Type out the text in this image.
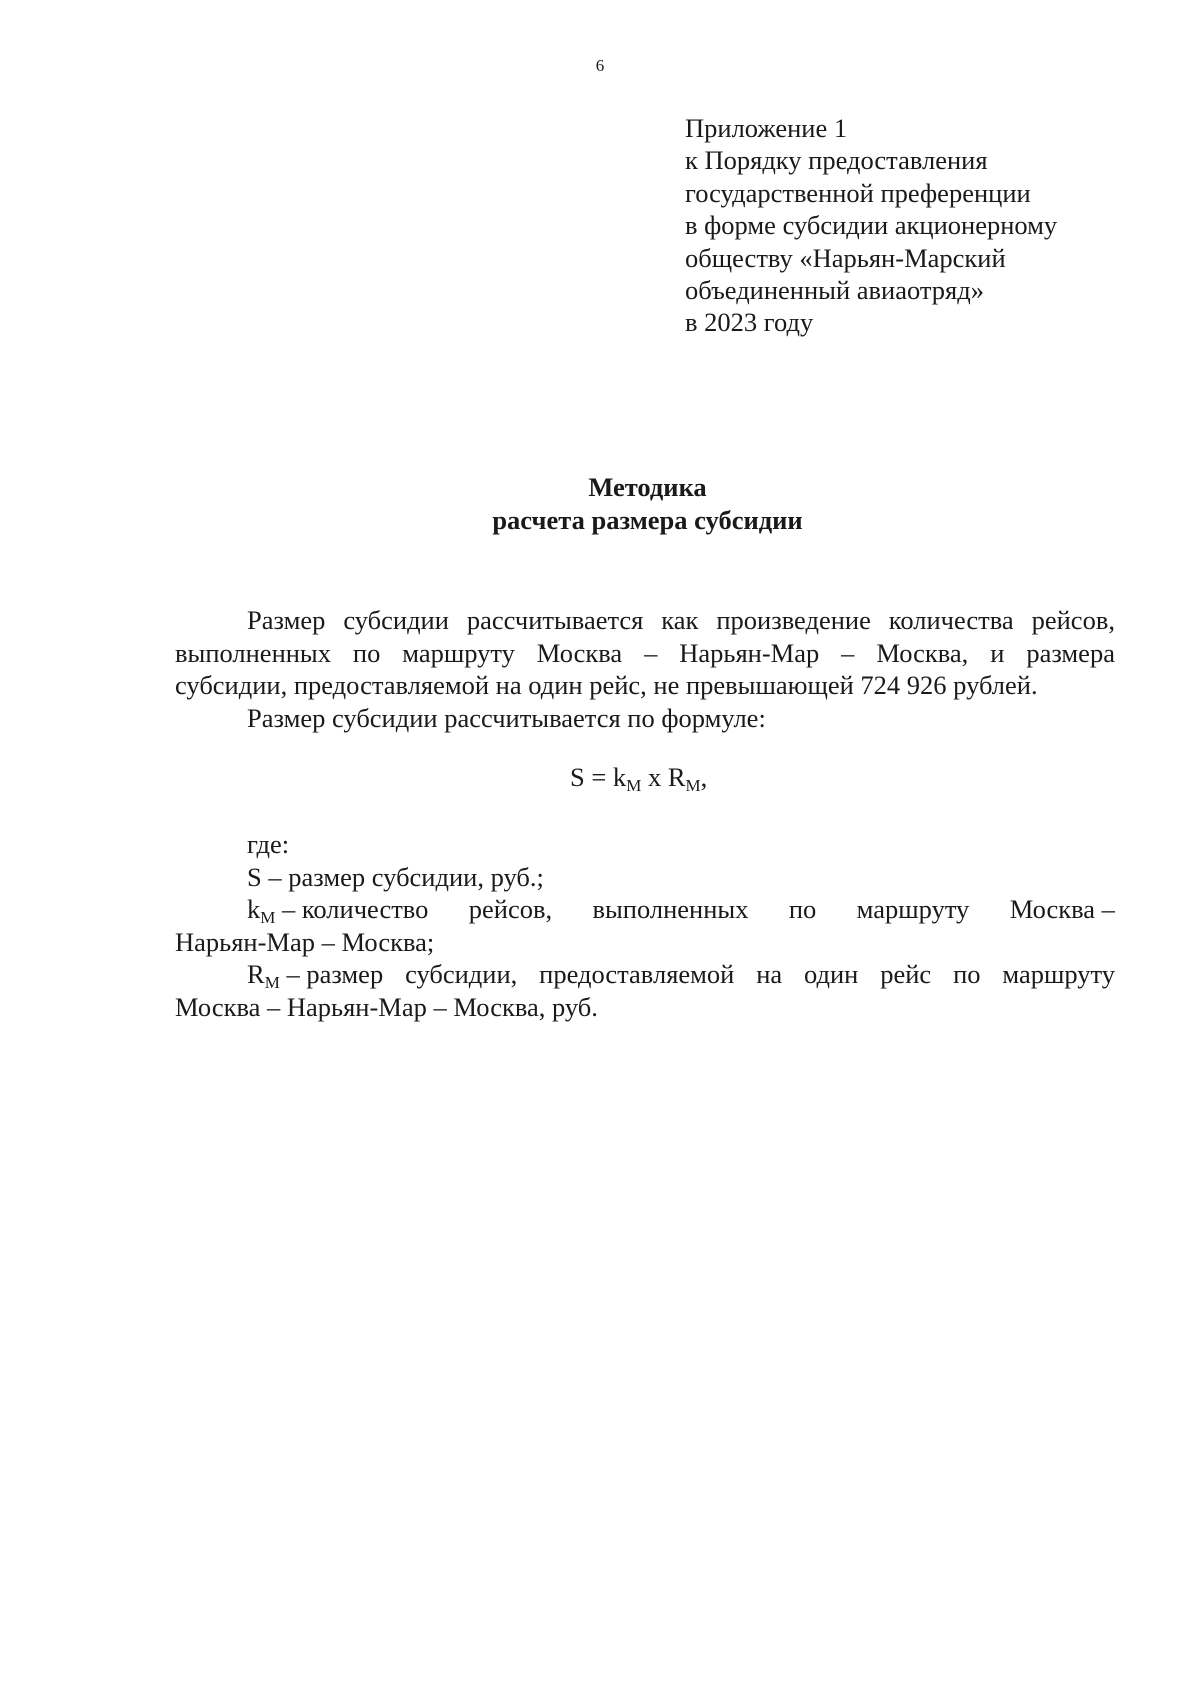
6
Приложение 1
к Порядку предоставления
государственной преференции
в форме субсидии акционерному
обществу «Нарьян-Марский
объединенный авиаотряд»
в 2023 году
Методика
расчета размера субсидии
Размер субсидии рассчитывается как произведение количества рейсов,
выполненных по маршруту Москва – Нарьян-Мар – Москва, и размера
субсидии, предоставляемой на один рейс, не превышающей 724 926 рублей.
Размер субсидии рассчитывается по формуле:
$S = k_M$ x $R_M$,
где:
S – размер субсидии, руб.;
$k_M$ – количество рейсов, выполненных по маршруту Москва –
Нарьян-Мар – Москва;
$R_M$ – размер субсидии, предоставляемой на один рейс по маршруту
Москва – Нарьян-Мар – Москва, руб.
